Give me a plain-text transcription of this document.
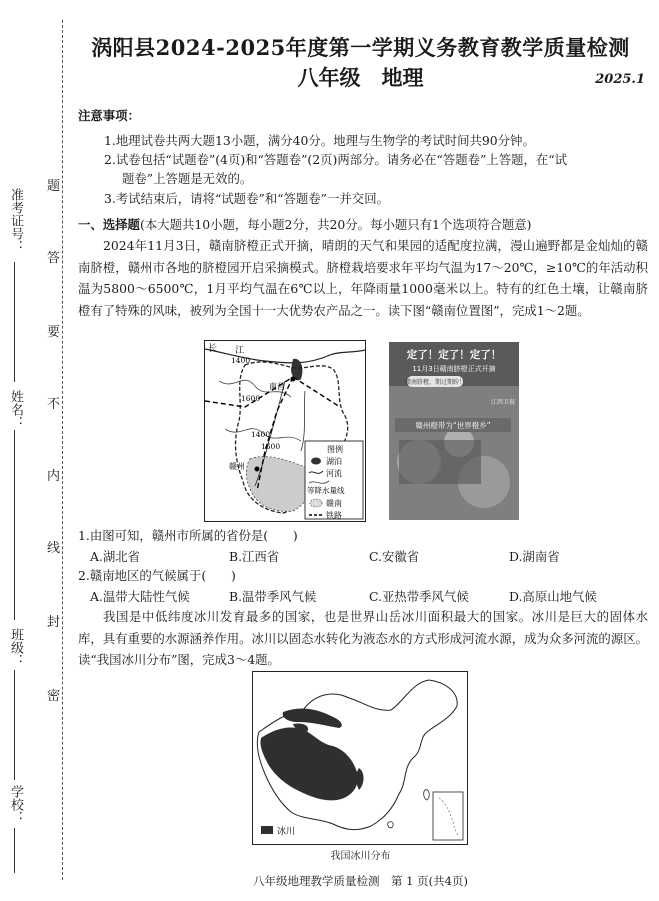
准考证号：
姓名：
班级：
学校：
题
答
要
不
内
线
封
密
涡阳县2024-2025年度第一学期义务教育教学质量检测
八年级　地理	2025.1
注意事项：
1.地理试卷共两大题13小题，满分40分。地理与生物学的考试时间共90分钟。
2.试卷包括“试题卷”(4页)和“答题卷”(2页)两部分。请务必在“答题卷”上答题，在“试
题卷”上答题是无效的。
3.考试结束后，请将“试题卷”和“答题卷”一并交回。
一、选择题(本大题共10小题，每小题2分，共20分。每小题只有1个选项符合题意)
2024年11月3日，赣南脐橙正式开摘，晴朗的天气和果园的适配度拉满，漫山遍野都是金灿灿的赣南脐橙，赣州市各地的脐橙园开启采摘模式。脐橙栽培要求年平均气温为17～20℃，≥10℃的年活动积温为5800～6500℃，1月平均气温在6℃以上，年降雨量1000毫米以上。特有的红色土壤，让赣南脐橙有了特殊的风味，被列为全国十一大优势农产品之一。读下图“赣南位置图”，完成1～2题。
长 江
1400
南昌
1600
1400
1600
赣州
图例
湖泊
河流
等降水量线
赣南
铁路
定了！定了！定了！
11月3日赣南脐橙正式开摘
赣南脐橙，期过期盼！
赣州橙带为“世界橙乡”
江西卫视
1.由图可知，赣州市所属的省份是(　　)
A.湖北省	B.江西省	C.安徽省	D.湖南省
2.赣南地区的气候属于(　　)
A.温带大陆性气候	B.温带季风气候	C.亚热带季风气候	D.高原山地气候
我国是中低纬度冰川发育最多的国家，也是世界山岳冰川面积最大的国家。冰川是巨大的固体水库，具有重要的水源涵养作用。冰川以固态水转化为液态水的方式形成河流水源，成为众多河流的源区。读“我国冰川分布”图，完成3～4题。
冰川
我国冰川分布
八年级地理教学质量检测　第 1 页(共4页)
